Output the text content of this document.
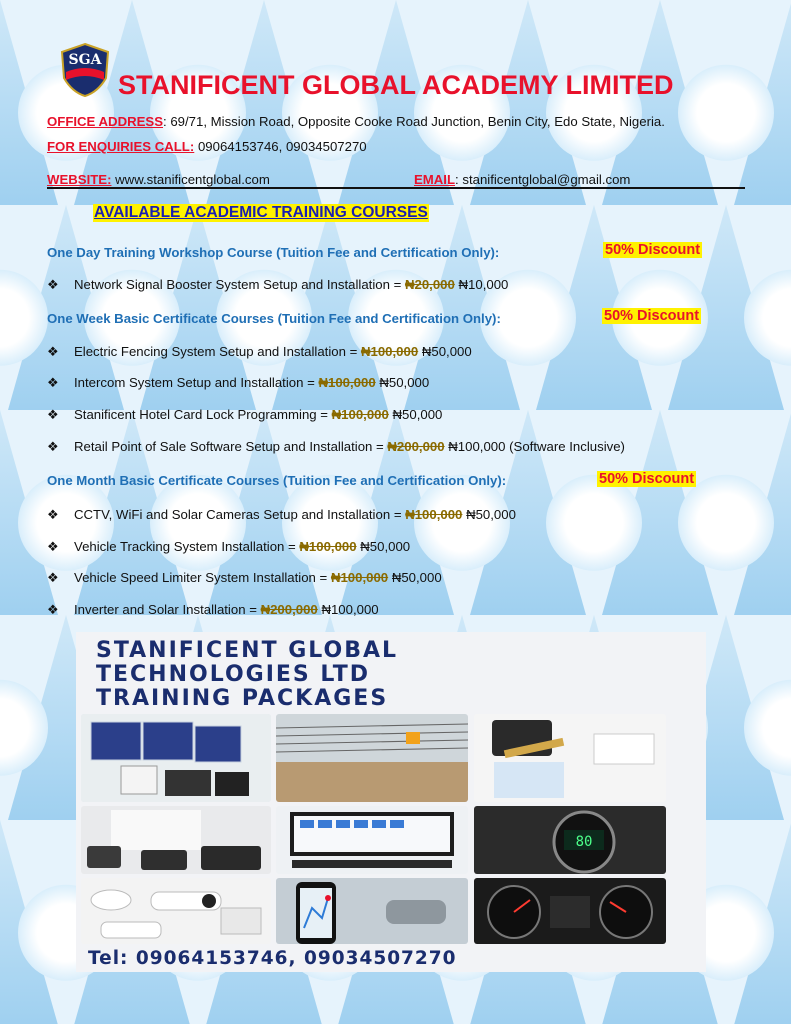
SGA
STANIFICENT GLOBAL ACADEMY LIMITED
OFFICE ADDRESS: 69/71, Mission Road, Opposite Cooke Road Junction, Benin City, Edo State, Nigeria.
FOR ENQUIRIES CALL: 09064153746, 09034507270
WEBSITE: www.stanificentglobal.com	EMAIL: stanificentglobal@gmail.com
AVAILABLE ACADEMIC TRAINING COURSES
One Day Training Workshop Course (Tuition Fee and Certification Only):	50% Discount
❖ Network Signal Booster System Setup and Installation = ₦20,000 ₦10,000
One Week Basic Certificate Courses (Tuition Fee and Certification Only):	50% Discount
❖ Electric Fencing System Setup and Installation = ₦100,000 ₦50,000
❖ Intercom System Setup and Installation = ₦100,000 ₦50,000
❖ Stanificent Hotel Card Lock Programming = ₦100,000 ₦50,000
❖ Retail Point of Sale Software Setup and Installation = ₦200,000 ₦100,000 (Software Inclusive)
One Month Basic Certificate Courses (Tuition Fee and Certification Only):	50% Discount
❖ CCTV, WiFi and Solar Cameras Setup and Installation = ₦100,000 ₦50,000
❖ Vehicle Tracking System Installation = ₦100,000 ₦50,000
❖ Vehicle Speed Limiter System Installation = ₦100,000 ₦50,000
❖ Inverter and Solar Installation = ₦200,000 ₦100,000
STANIFICENT GLOBAL
TECHNOLOGIES LTD
TRAINING PACKAGES
80
Tel: 09064153746, 09034507270
